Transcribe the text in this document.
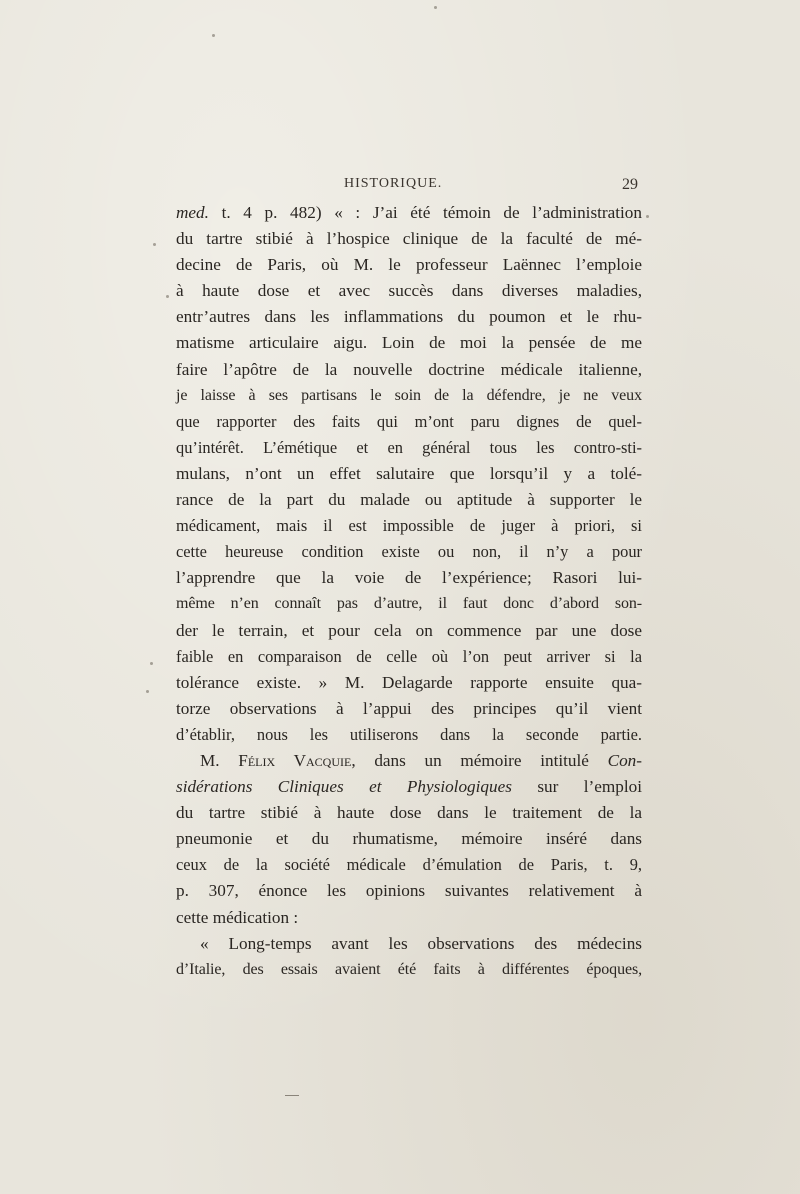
HISTORIQUE.	29
med. t. 4 p. 482) « : J’ai été témoin de l’administration
du tartre stibié à l’hospice clinique de la faculté de mé-
decine de Paris, où M. le professeur Laënnec l’emploie
à haute dose et avec succès dans diverses maladies,
entr’autres dans les inflammations du poumon et le rhu-
matisme articulaire aigu. Loin de moi la pensée de me
faire l’apôtre de la nouvelle doctrine médicale italienne,
je laisse à ses partisans le soin de la défendre, je ne veux
que rapporter des faits qui m’ont paru dignes de quel-
qu’intérêt. L’émétique et en général tous les contro-sti-
mulans, n’ont un effet salutaire que lorsqu’il y a tolé-
rance de la part du malade ou aptitude à supporter le
médicament, mais il est impossible de juger à priori, si
cette heureuse condition existe ou non, il n’y a pour
l’apprendre que la voie de l’expérience; Rasori lui-
même n’en connaît pas d’autre, il faut donc d’abord son-
der le terrain, et pour cela on commence par une dose
faible en comparaison de celle où l’on peut arriver si la
tolérance existe. » M. Delagarde rapporte ensuite qua-
torze observations à l’appui des principes qu’il vient
d’établir, nous les utiliserons dans la seconde partie.
M. Félix Vacquie, dans un mémoire intitulé Con-
sidérations Cliniques et Physiologiques sur l’emploi
du tartre stibié à haute dose dans le traitement de la
pneumonie et du rhumatisme, mémoire inséré dans
ceux de la société médicale d’émulation de Paris, t. 9,
p. 307, énonce les opinions suivantes relativement à
cette médication :
« Long-temps avant les observations des médecins
d’Italie, des essais avaient été faits à différentes époques,
